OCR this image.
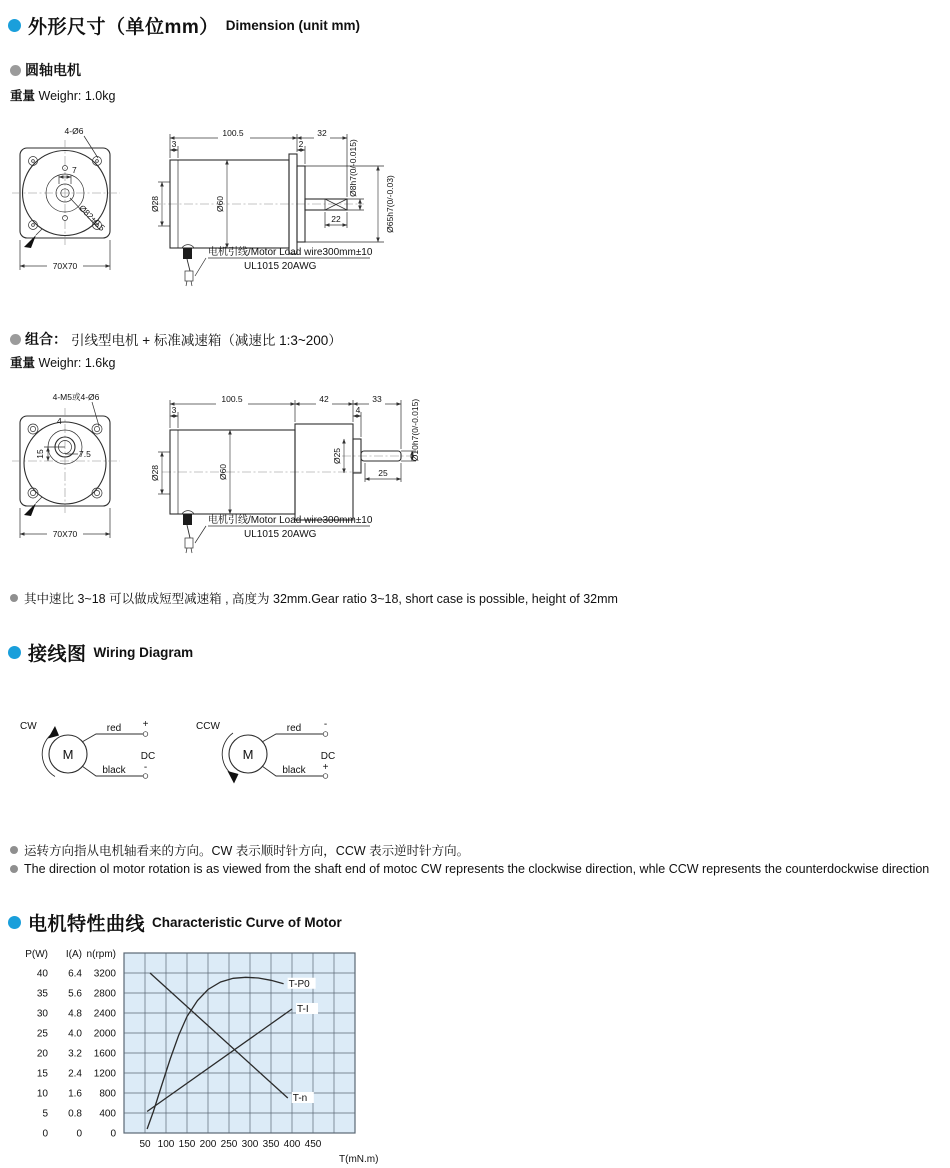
外形尺寸（单位mm） Dimension (unit mm)
圆轴电机
重量 Weighr: 1.0kg
4-Ø6
7
Ø82±0.5
70X70
100.5	32
3	2
Ø28	Ø60
22
Ø8h7(0/-0.015)
Ø65h7(0/-0.03)
电机引线/Motor Load wire300mm±10
UL1015 20AWG
组合： 引线型电机 + 标准减速箱（减速比 1:3~200）
重量 Weighr: 1.6kg
4-M5或4-Ø6
4
15	7.5
70X70
100.5	42	33
3	4
Ø28	Ø60
Ø25
25
Ø10h7(0/-0.015)
电机引线/Motor Load wire300mm±10
UL1015 20AWG
其中速比 3~18 可以做成短型减速箱 , 高度为 32mm.Gear ratio 3~18, short case is possible, height of 32mm
接线图 Wiring Diagram
CW
M
red +
black -
DC
CCW
M
red -
black +
DC
运转方向指从电机轴看来的方向。CW 表示顺时针方向，CCW 表示逆时针方向。
The direction ol motor rotation is as viewed from the shaft end of motoc CW represents the clockwise direction, whle CCW represents the counterdockwise direction
电机特性曲线 Characteristic Curve of Motor
P(W)
40
35
30
25
20
15
10
5
0
I(A)
6.4
5.6
4.8
4.0
3.2
2.4
1.6
0.8
0
n(rpm)
3200
2800
2400
2000
1600
1200
800
400
0
50 100 150 200 250 300 350 400 450
T(mN.m)
T-P0
T-I
T-n
